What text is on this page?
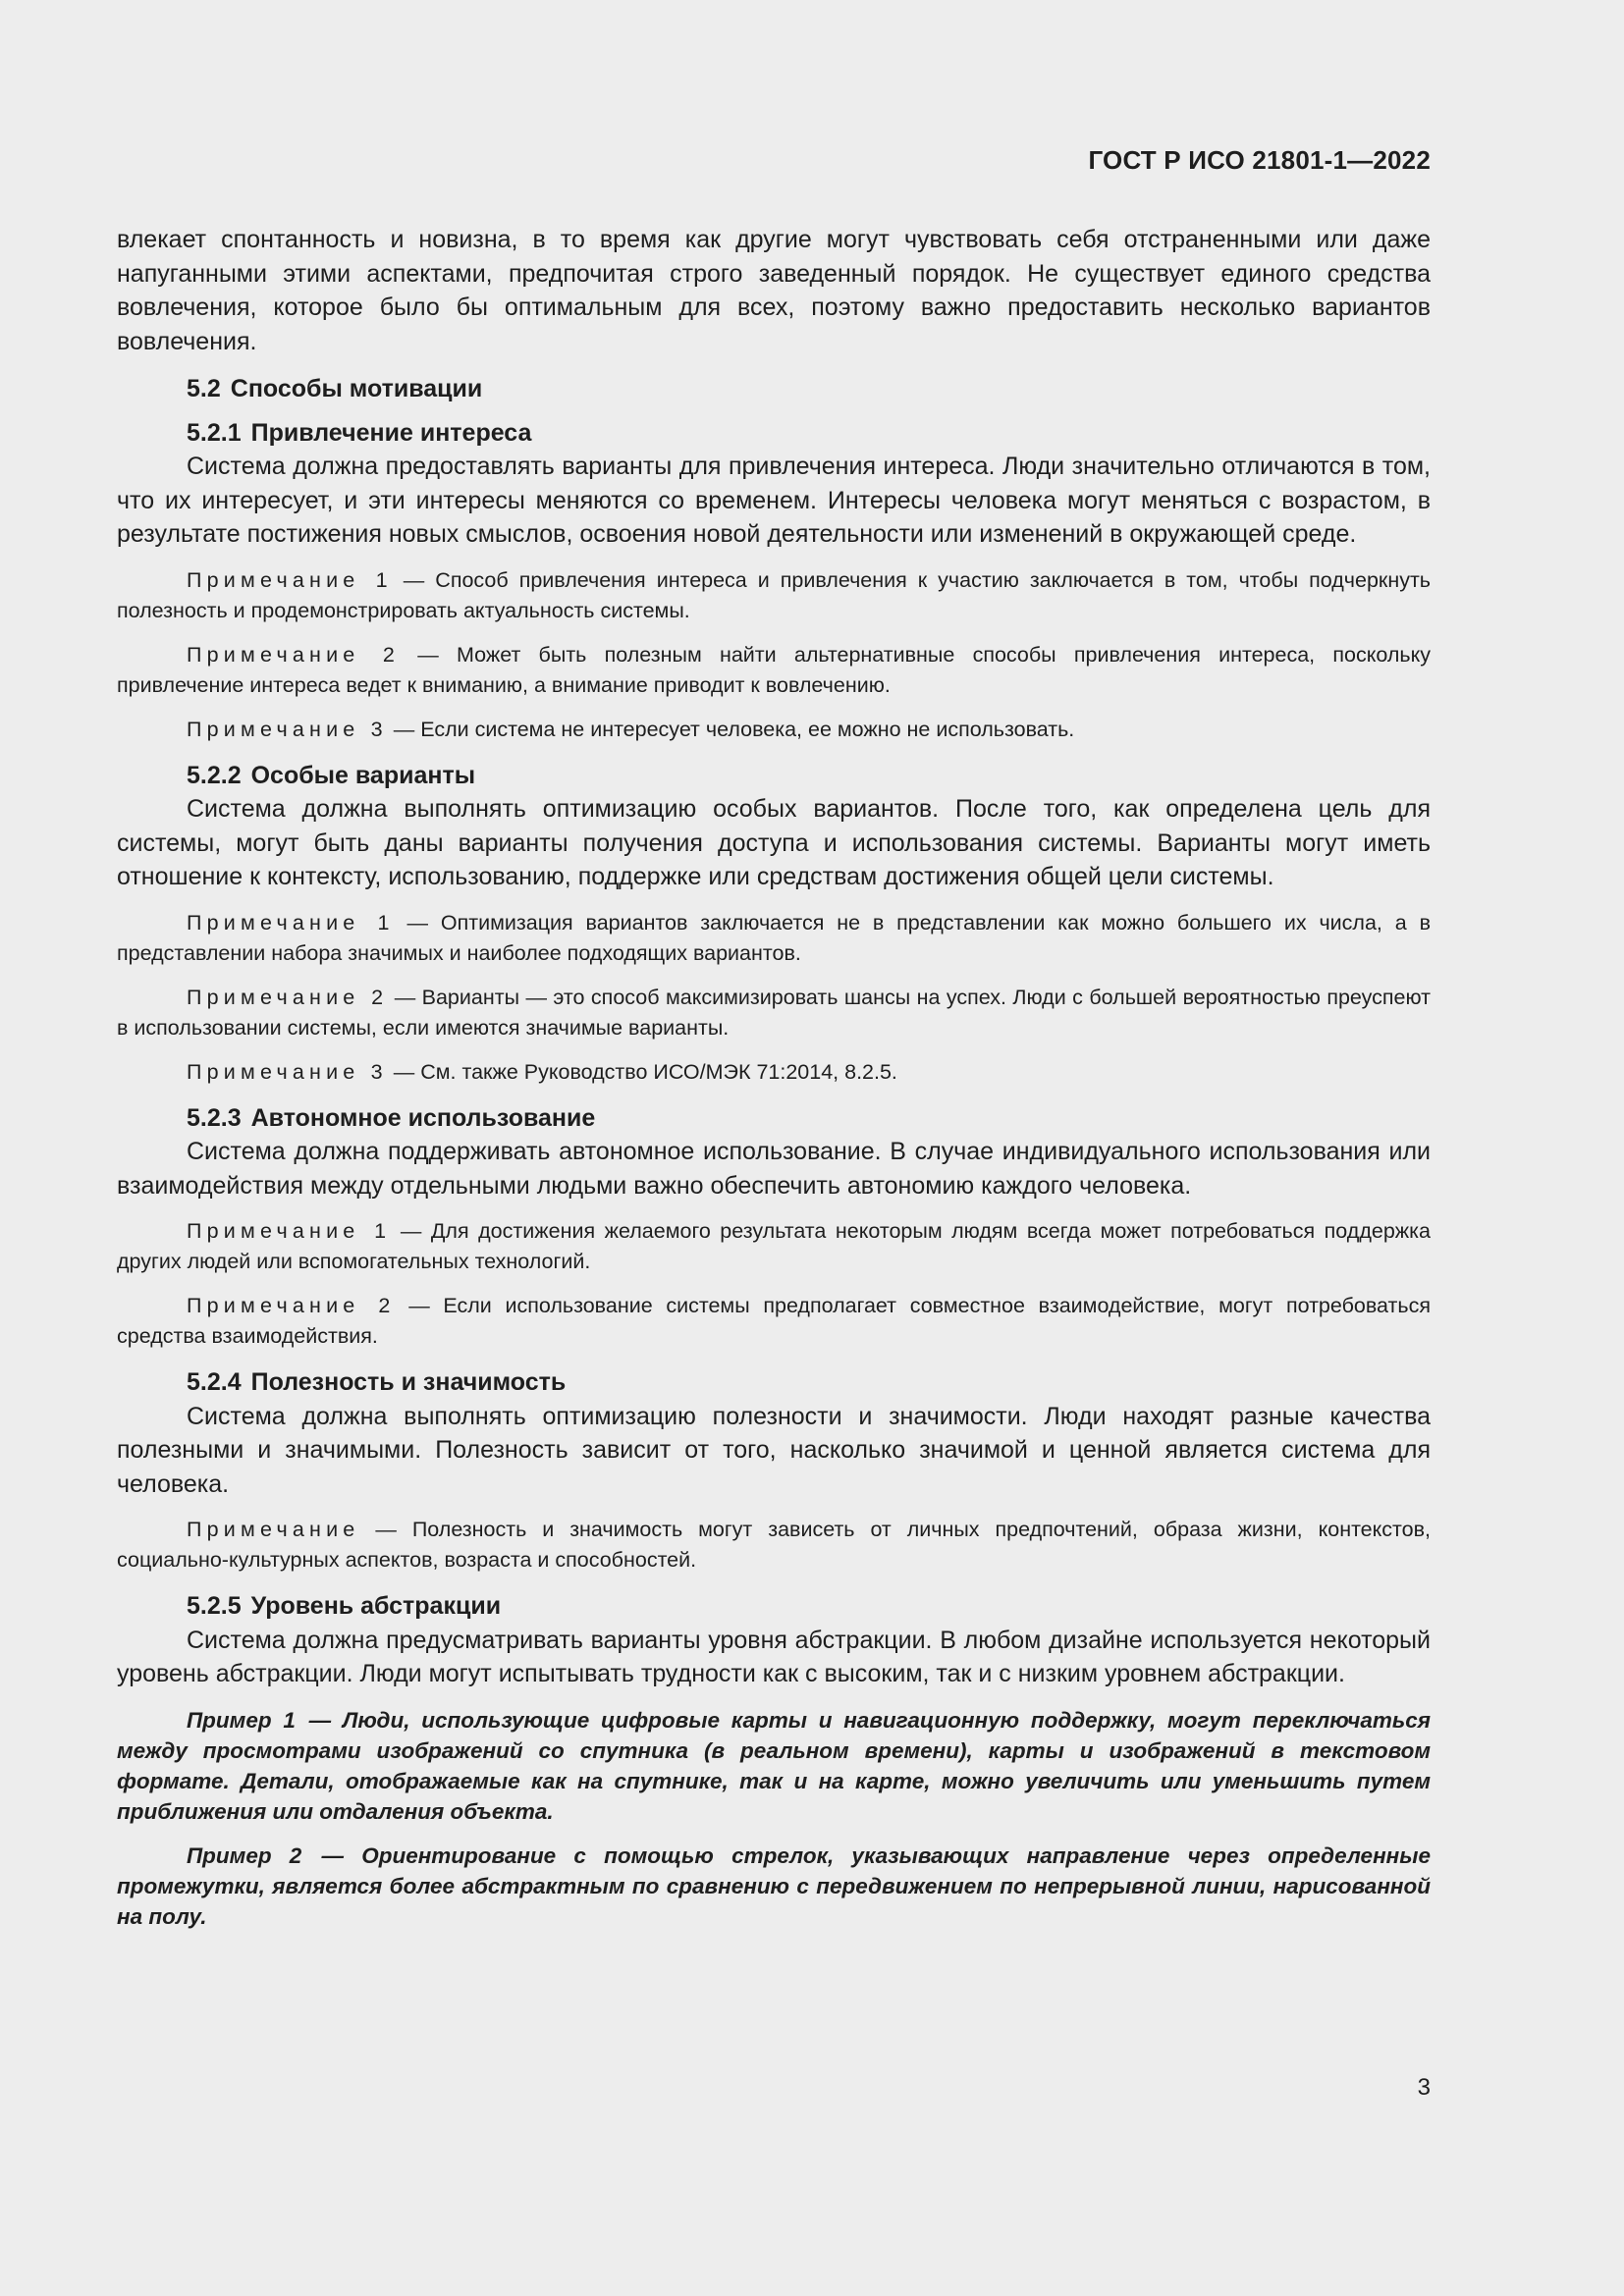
ГОСТ Р ИСО 21801-1—2022

влекает спонтанность и новизна, в то время как другие могут чувствовать себя отстраненными или даже напуганными этими аспектами, предпочитая строго заведенный порядок. Не существует единого средства вовлечения, которое было бы оптимальным для всех, поэтому важно предоставить несколько вариантов вовлечения.

5.2 Способы мотивации

5.2.1 Привлечение интереса

Система должна предоставлять варианты для привлечения интереса. Люди значительно отличаются в том, что их интересует, и эти интересы меняются со временем. Интересы человека могут меняться с возрастом, в результате постижения новых смыслов, освоения новой деятельности или изменений в окружающей среде.

Примечание 1 — Способ привлечения интереса и привлечения к участию заключается в том, чтобы подчеркнуть полезность и продемонстрировать актуальность системы.

Примечание 2 — Может быть полезным найти альтернативные способы привлечения интереса, поскольку привлечение интереса ведет к вниманию, а внимание приводит к вовлечению.

Примечание 3 — Если система не интересует человека, ее можно не использовать.

5.2.2 Особые варианты

Система должна выполнять оптимизацию особых вариантов. После того, как определена цель для системы, могут быть даны варианты получения доступа и использования системы. Варианты могут иметь отношение к контексту, использованию, поддержке или средствам достижения общей цели системы.

Примечание 1 — Оптимизация вариантов заключается не в представлении как можно большего их числа, а в представлении набора значимых и наиболее подходящих вариантов.

Примечание 2 — Варианты — это способ максимизировать шансы на успех. Люди с большей вероятностью преуспеют в использовании системы, если имеются значимые варианты.

Примечание 3 — См. также Руководство ИСО/МЭК 71:2014, 8.2.5.

5.2.3 Автономное использование

Система должна поддерживать автономное использование. В случае индивидуального использования или взаимодействия между отдельными людьми важно обеспечить автономию каждого человека.

Примечание 1 — Для достижения желаемого результата некоторым людям всегда может потребоваться поддержка других людей или вспомогательных технологий.

Примечание 2 — Если использование системы предполагает совместное взаимодействие, могут потребоваться средства взаимодействия.

5.2.4 Полезность и значимость

Система должна выполнять оптимизацию полезности и значимости. Люди находят разные качества полезными и значимыми. Полезность зависит от того, насколько значимой и ценной является система для человека.

Примечание — Полезность и значимость могут зависеть от личных предпочтений, образа жизни, контекстов, социально-культурных аспектов, возраста и способностей.

5.2.5 Уровень абстракции

Система должна предусматривать варианты уровня абстракции. В любом дизайне используется некоторый уровень абстракции. Люди могут испытывать трудности как с высоким, так и с низким уровнем абстракции.

Пример 1 — Люди, использующие цифровые карты и навигационную поддержку, могут переключаться между просмотрами изображений со спутника (в реальном времени), карты и изображений в текстовом формате. Детали, отображаемые как на спутнике, так и на карте, можно увеличить или уменьшить путем приближения или отдаления объекта.

Пример 2 — Ориентирование с помощью стрелок, указывающих направление через определенные промежутки, является более абстрактным по сравнению с передвижением по непрерывной линии, нарисованной на полу.

3
